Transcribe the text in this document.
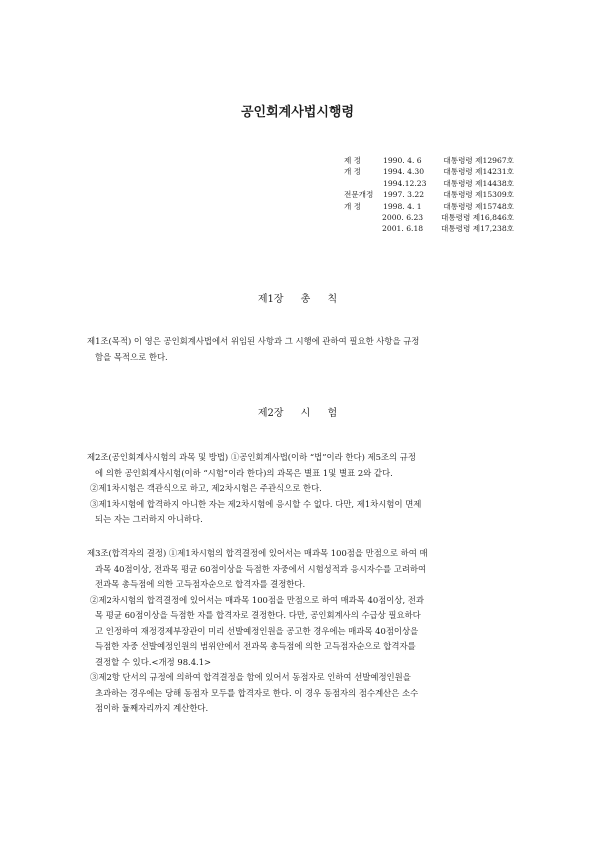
공인회계사법시행령
제 정	1990. 4. 6	대통령령 제12967호
개 정	1994. 4.30	대통령령 제14231호
1994.12.23	대통령령 제14438호
전문개정	1997. 3.22	대통령령 제15309호
개 정	1998. 4. 1	대통령령 제15748호
2000. 6.23	대통령령 제16,846호
2001. 6.18	대통령령 제17,238호
제1장 총 칙

제1조(목적) 이 영은 공인회계사법에서 위임된 사항과 그 시행에 관하여 필요한 사항을 규정

함을 목적으로 한다.

제2장 시 험

제2조(공인회계사시험의 과목 및 방법) ①공인회계사법(이하 “법”이라 한다) 제5조의 규정

에 의한 공인회계사시험(이하 “시험”이라 한다)의 과목은 별표 1및 별표 2와 같다.

②제1차시험은 객관식으로 하고, 제2차시험은 주관식으로 한다.

③제1차시험에 합격하지 아니한 자는 제2차시험에 응시할 수 없다. 다만, 제1차시험이 면제

되는 자는 그러하지 아니하다.

제3조(합격자의 결정) ①제1차시험의 합격결정에 있어서는 매과목 100점을 만점으로 하여 매

과목 40점이상, 전과목 평균 60점이상을 득점한 자중에서 시험성적과 응시자수를 고려하여

전과목 총득점에 의한 고득점자순으로 합격자를 결정한다.

②제2차시험의 합격결정에 있어서는 매과목 100점을 만점으로 하여 매과목 40점이상, 전과

목 평균 60점이상을 득점한 자를 합격자로 결정한다. 다만, 공인회계사의 수급상 필요하다

고 인정하여 재정경제부장관이 미리 선발예정인원을 공고한 경우에는 매과목 40점이상을

득점한 자중 선발예정인원의 범위안에서 전과목 총득점에 의한 고득점자순으로 합격자를

결정할 수 있다.<개정 98.4.1>

③제2항 단서의 규정에 의하여 합격결정을 함에 있어서 동점자로 인하여 선발예정인원을

초과하는 경우에는 당해 동점자 모두를 합격자로 한다. 이 경우 동점자의 점수계산은 소수

점이하 둘째자리까지 계산한다.
